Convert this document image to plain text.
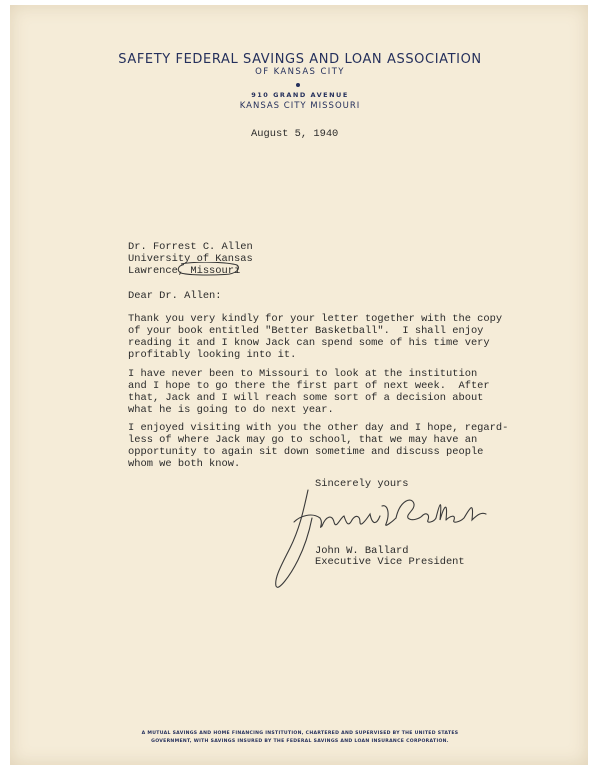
SAFETY FEDERAL SAVINGS AND LOAN ASSOCIATION
OF KANSAS CITY
910 GRAND AVENUE
KANSAS CITY MISSOURI
August 5, 1940
Dr. Forrest C. Allen
University of Kansas
Lawrence, Missouri
Dear Dr. Allen:
Thank you very kindly for your letter together with the copy
of your book entitled "Better Basketball".  I shall enjoy
reading it and I know Jack can spend some of his time very
profitably looking into it.
I have never been to Missouri to look at the institution
and I hope to go there the first part of next week.  After
that, Jack and I will reach some sort of a decision about
what he is going to do next year.
I enjoyed visiting with you the other day and I hope, regard-
less of where Jack may go to school, that we may have an
opportunity to again sit down sometime and discuss people
whom we both know.
Sincerely yours
John W. Ballard
Executive Vice President
A MUTUAL SAVINGS AND HOME FINANCING INSTITUTION, CHARTERED AND SUPERVISED BY THE UNITED STATES
GOVERNMENT, WITH SAVINGS INSURED BY THE FEDERAL SAVINGS AND LOAN INSURANCE CORPORATION.
